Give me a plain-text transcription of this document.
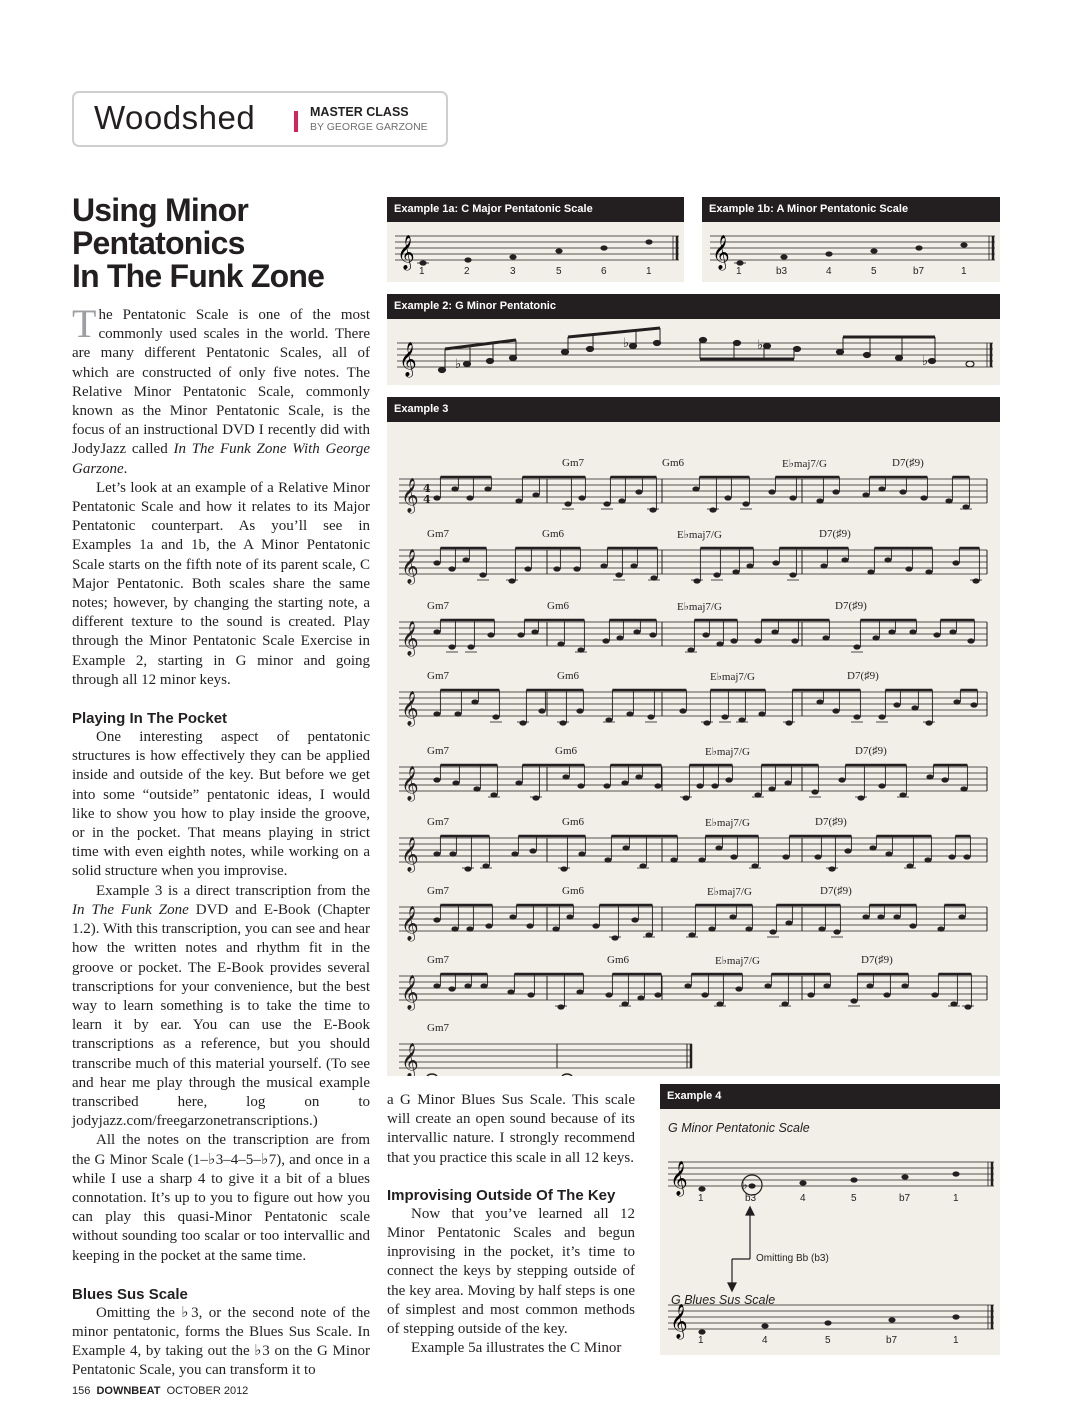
Woodshed	MASTER CLASS
BY GEORGE GARZONE
Using Minor
Pentatonics
In The Funk Zone

The Pentatonic Scale is one of the most commonly used scales in the world. There are many different Pentatonic Scales, all of which are constructed of only five notes. The Relative Minor Pentatonic Scale, commonly known as the Minor Pentatonic Scale, is the focus of an instructional DVD I recently did with JodyJazz called In The Funk Zone With George Garzone.

Let’s look at an example of a Relative Minor Pentatonic Scale and how it relates to its Major Pentatonic counterpart. As you’ll see in Examples 1a and 1b, the A Minor Pentatonic Scale starts on the fifth note of its parent scale, C Major Pentatonic. Both scales share the same notes; however, by changing the starting note, a different texture to the sound is created. Play through the Minor Pentatonic Scale Exercise in Example 2, starting in G minor and going through all 12 minor keys.

Playing In The Pocket

One interesting aspect of pentatonic structures is how effectively they can be applied inside and outside of the key. But before we get into some “outside” pentatonic ideas, I would like to show you how to play inside the groove, or in the pocket. That means playing in strict time with even eighth notes, while working on a solid structure when you improvise.

Example 3 is a direct transcription from the In The Funk Zone DVD and E-Book (Chapter 1.2). With this transcription, you can see and hear how the written notes and rhythm fit in the groove or pocket. The E-Book provides several transcriptions for your convenience, but the best way to learn something is to take the time to learn it by ear. You can use the E-Book transcriptions as a reference, but you should transcribe much of this material yourself. (To see and hear me play through the musical example transcribed here, log on to jodyjazz.com/freegarzonetranscriptions.)

All the notes on the transcription are from the G Minor Scale (1–♭3–4–5–♭7), and once in a while I use a sharp 4 to give it a bit of a blues connotation. It’s up to you to figure out how you can play this quasi-Minor Pentatonic scale without sounding too scalar or too intervallic and keeping in the pocket at the same time.

Blues Sus Scale

Omitting the ♭3, or the second note of the minor pentatonic, forms the Blues Sus Scale. In Example 4, by taking out the ♭3 on the G Minor Pentatonic Scale, you can transform it to

a G Minor Blues Sus Scale. This scale will create an open sound because of its intervallic nature. I strongly recommend that you practice this scale in all 12 keys.

Improvising Outside Of The Key

Now that you’ve learned all 12 Minor Pentatonic Scales and begun inprovising in the pocket, it’s time to connect the keys by stepping outside of the key area. Moving by half steps is one of simplest and most common methods of stepping outside of the key.

Example 5a illustrates the C Minor

Example 1a: C Major Pentatonic Scale
𝄞
1	2	3	5	6	1
Example 1b: A Minor Pentatonic Scale
𝄞
1	b3	4	5	b7	1
Example 2: G Minor Pentatonic
𝄞	♭
♭	♭
♭
Example 3
𝄞 4
4
𝄞
𝄞
𝄞
𝄞
𝄞
𝄞
𝄞
𝄞
Gm7	Gm6	E♭maj7/G	D7(♯9)
Gm7	Gm6	E♭maj7/G	D7(♯9)
Gm7	Gm6	E♭maj7/G	D7(♯9)
Gm7	Gm6	E♭maj7/G	D7(♯9)
Gm7	Gm6	E♭maj7/G	D7(♯9)
Gm7	Gm6	E♭maj7/G	D7(♯9)
Gm7	Gm6	E♭maj7/G	D7(♯9)
Gm7	Gm6	E♭maj7/G	D7(♯9)
Gm7
Example 4
G Minor Pentatonic Scale
𝄞
𝄞
♭
1	b3	4	5	b7	1
Omitting Bb (b3)
G Blues Sus Scale
1	4	5	b7	1
156 DOWNBEAT OCTOBER 2012
